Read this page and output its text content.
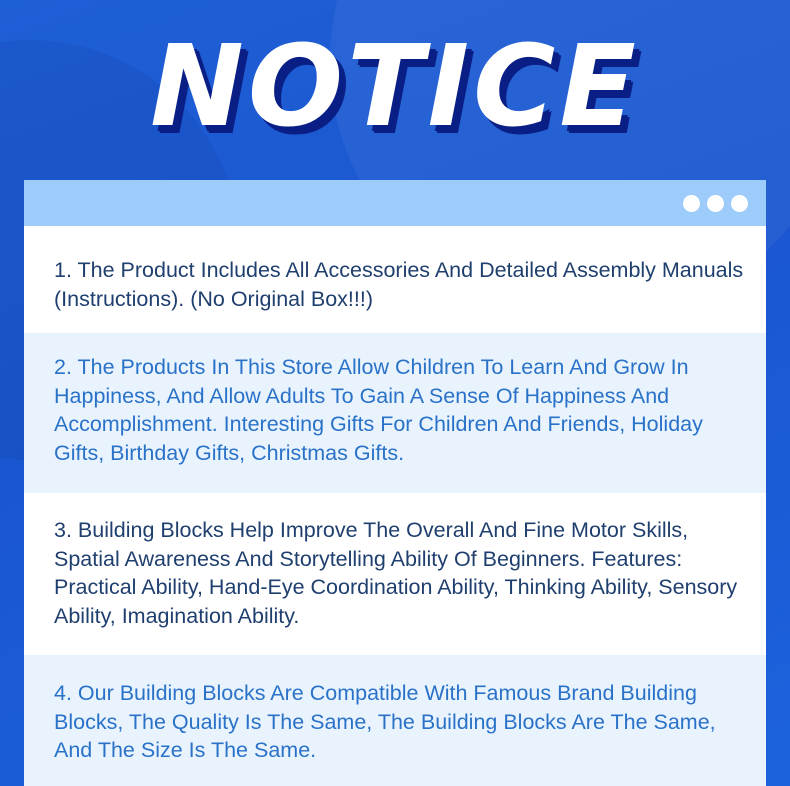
NOTICE
1. The Product Includes All Accessories And Detailed Assembly Manuals (Instructions). (No Original Box!!!)
2. The Products In This Store Allow Children To Learn And Grow In Happiness, And Allow Adults To Gain A Sense Of Happiness And Accomplishment. Interesting Gifts For Children And Friends, Holiday Gifts, Birthday Gifts, Christmas Gifts.
3. Building Blocks Help Improve The Overall And Fine Motor Skills, Spatial Awareness And Storytelling Ability Of Beginners. Features: Practical Ability, Hand-Eye Coordination Ability, Thinking Ability, Sensory Ability, Imagination Ability.
4. Our Building Blocks Are Compatible With Famous Brand Building Blocks, The Quality Is The Same, The Building Blocks Are The Same, And The Size Is The Same.
